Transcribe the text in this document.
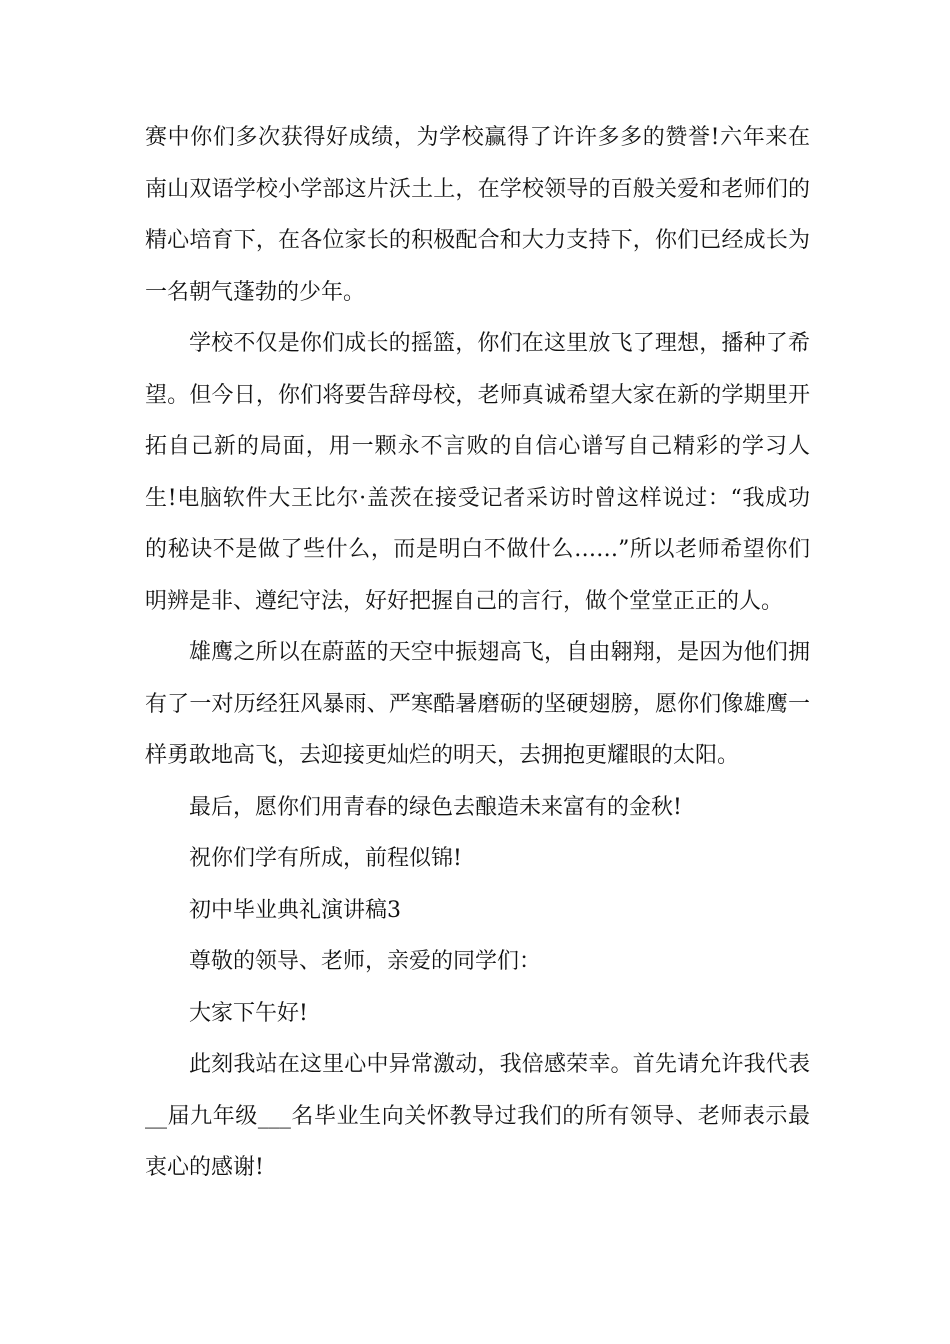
赛中你们多次获得好成绩，为学校赢得了许许多多的赞誉!六年来在南山双语学校小学部这片沃土上，在学校领导的百般关爱和老师们的精心培育下，在各位家长的积极配合和大力支持下，你们已经成长为一名朝气蓬勃的少年。

学校不仅是你们成长的摇篮，你们在这里放飞了理想，播种了希望。但今日，你们将要告辞母校，老师真诚希望大家在新的学期里开拓自己新的局面，用一颗永不言败的自信心谱写自己精彩的学习人生!电脑软件大王比尔·盖茨在接受记者采访时曾这样说过：“我成功的秘诀不是做了些什么，而是明白不做什么……”所以老师希望你们明辨是非、遵纪守法，好好把握自己的言行，做个堂堂正正的人。

雄鹰之所以在蔚蓝的天空中振翅高飞，自由翱翔，是因为他们拥有了一对历经狂风暴雨、严寒酷暑磨砺的坚硬翅膀，愿你们像雄鹰一样勇敢地高飞，去迎接更灿烂的明天，去拥抱更耀眼的太阳。

最后，愿你们用青春的绿色去酿造未来富有的金秋!

祝你们学有所成，前程似锦!

初中毕业典礼演讲稿3

尊敬的领导、老师，亲爱的同学们：

大家下午好!

此刻我站在这里心中异常激动，我倍感荣幸。首先请允许我代表__届九年级___名毕业生向关怀教导过我们的所有领导、老师表示最衷心的感谢!
